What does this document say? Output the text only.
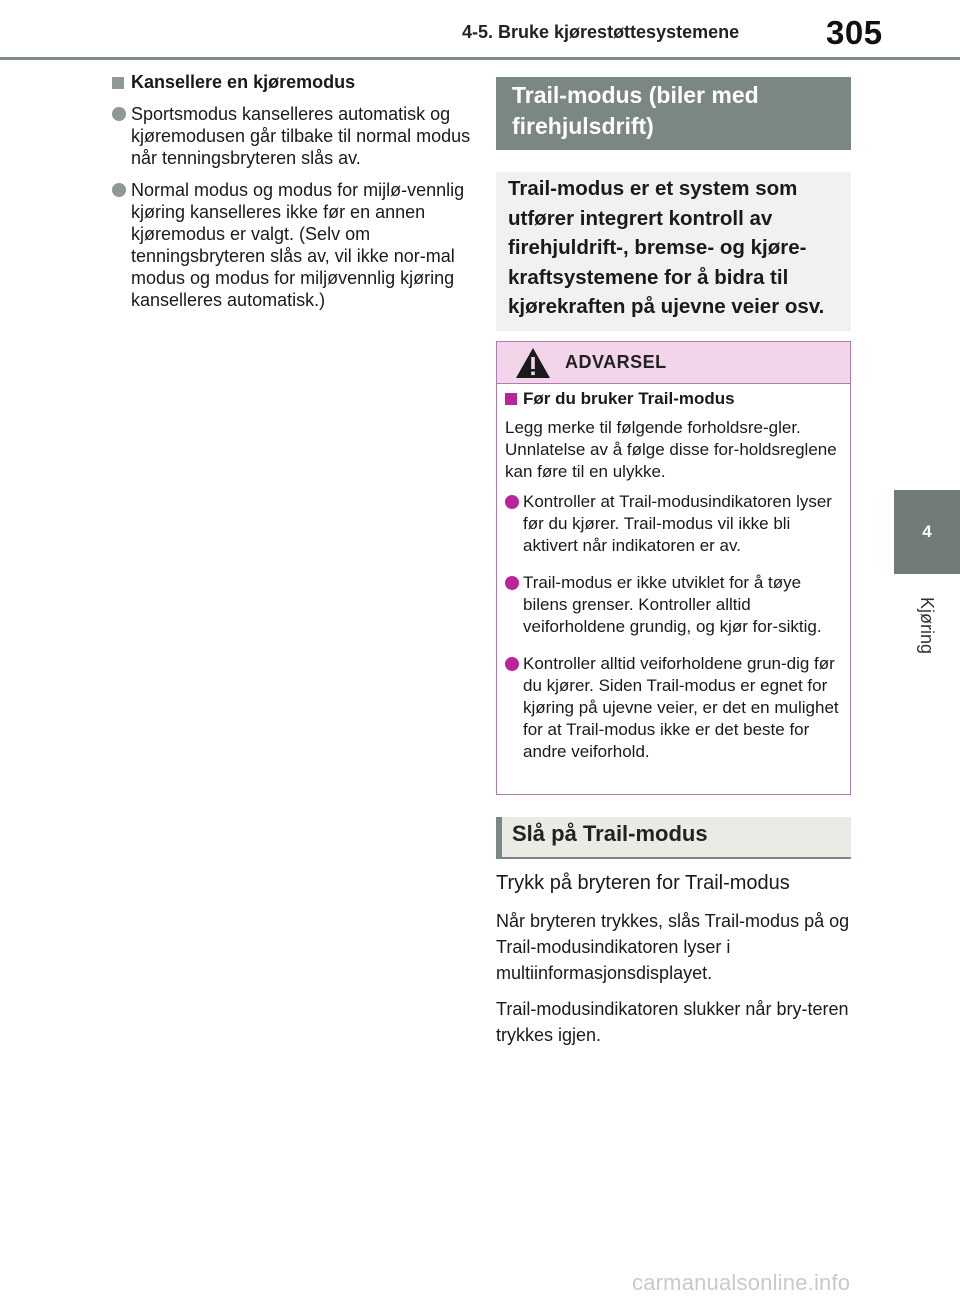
4-5. Bruke kjørestøttesystemene	305
4
Kjøring
Kansellere en kjøremodus
Sportsmodus kanselleres automatisk og kjøremodusen går tilbake til normal modus når tenningsbryteren slås av.
Normal modus og modus for mijlø-vennlig kjøring kanselleres ikke før en annen kjøremodus er valgt. (Selv om tenningsbryteren slås av, vil ikke nor-mal modus og modus for miljøvennlig kjøring kanselleres automatisk.)
Trail-modus (biler med firehjulsdrift)
Trail-modus er et system som utfører integrert kontroll av firehjuldrift-, bremse- og kjøre-kraftsystemene for å bidra til kjørekraften på ujevne veier osv.
ADVARSEL
Før du bruker Trail-modus
Legg merke til følgende forholdsre-gler. Unnlatelse av å følge disse for-holdsreglene kan føre til en ulykke.
Kontroller at Trail-modusindikatoren lyser før du kjører. Trail-modus vil ikke bli aktivert når indikatoren er av.
Trail-modus er ikke utviklet for å tøye bilens grenser. Kontroller alltid veiforholdene grundig, og kjør for-siktig.
Kontroller alltid veiforholdene grun-dig før du kjører. Siden Trail-modus er egnet for kjøring på ujevne veier, er det en mulighet for at Trail-modus ikke er det beste for andre veiforhold.
Slå på Trail-modus
Trykk på bryteren for Trail-modus
Når bryteren trykkes, slås Trail-modus på og Trail-modusindikatoren lyser i multiinformasjonsdisplayet.
Trail-modusindikatoren slukker når bry-teren trykkes igjen.
carmanualsonline.info
